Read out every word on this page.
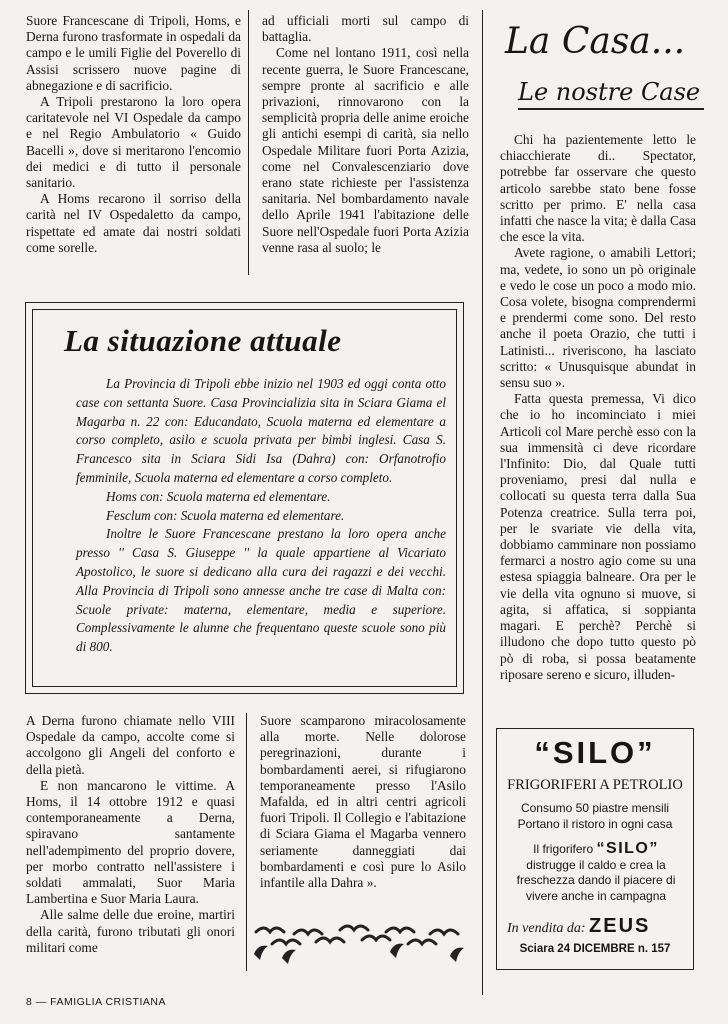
Suore Francescane di Tripoli, Homs, e Derna furono trasformate in ospedali da campo e le umili Figlie del Poverello di Assisi scrissero nuove pagine di abnegazione e di sacrificio.

A Tripoli prestarono la loro opera caritatevole nel VI Ospedale da campo e nel Regio Ambulatorio « Guido Bacelli », dove si meritarono l'encomio dei medici e di tutto il personale sanitario.

A Homs recarono il sorriso della carità nel IV Ospedaletto da campo, rispettate ed amate dai nostri soldati come sorelle.

ad ufficiali morti sul campo di battaglia.

Come nel lontano 1911, così nella recente guerra, le Suore Francescane, sempre pronte al sacrificio e alle privazioni, rinnovarono con la semplicità propria delle anime eroiche gli antichi esempi di carità, sia nello Ospedale Militare fuori Porta Azizia, come nel Convalescenziario dove erano state richieste per l'assistenza sanitaria. Nel bombardamento navale dello Aprile 1941 l'abitazione delle Suore nell'Ospedale fuori Porta Azizia venne rasa al suolo; le

La situazione attuale

La Provincia di Tripoli ebbe inizio nel 1903 ed oggi conta otto case con settanta Suore. Casa Provincializia sita in Sciara Giama el Magarba n. 22 con: Educandato, Scuola materna ed elementare a corso completo, asilo e scuola privata per bimbi inglesi. Casa S. Francesco sita in Sciara Sidi Isa (Dahra) con: Orfanotrofio femminile, Scuola materna ed elementare a corso completo.

Homs con: Scuola materna ed elementare.

Fesclum con: Scuola materna ed elementare.

Inoltre le Suore Francescane prestano la loro opera anche presso '' Casa S. Giuseppe '' la quale appartiene al Vicariato Apostolico, le suore si dedicano alla cura dei ragazzi e dei vecchi. Alla Provincia di Tripoli sono annesse anche tre case di Malta con: Scuole private: materna, elementare, media e superiore. Complessivamente le alunne che frequentano queste scuole sono più di 800.

A Derna furono chiamate nello VIII Ospedale da campo, accolte come si accolgono gli Angeli del conforto e della pietà.

E non mancarono le vittime. A Homs, il 14 ottobre 1912 e quasi contemporaneamente a Derna, spiravano santamente nell'adempimento del proprio dovere, per morbo contratto nell'assistere i soldati ammalati, Suor Maria Lambertina e Suor Maria Laura.

Alle salme delle due eroine, martiri della carità, furono tributati gli onori militari come

Suore scamparono miracolosamente alla morte. Nelle dolorose peregrinazioni, durante i bombardamenti aerei, si rifugiarono temporaneamente presso l'Asilo Mafalda, ed in altri centri agricoli fuori Tripoli. Il Collegio e l'abitazione di Sciara Giama el Magarba vennero seriamente danneggiati dai bombardamenti e così pure lo Asilo infantile alla Dahra ».

La Casa...
Le nostre Case

Chi ha pazientemente letto le chiacchierate di.. Spectator, potrebbe far osservare che questo articolo sarebbe stato bene fosse scritto per primo. E' nella casa infatti che nasce la vita; è dalla Casa che esce la vita.

Avete ragione, o amabili Lettori; ma, vedete, io sono un pò originale e vedo le cose un poco a modo mio. Cosa volete, bisogna comprendermi e prendermi come sono. Del resto anche il poeta Orazio, che tutti i Latinisti... riveriscono, ha lasciato scritto: « Unusquisque abundat in sensu suo ».

Fatta questa premessa, Vi dico che io ho incominciato i miei Articoli col Mare perchè esso con la sua immensità ci deve ricordare l'Infinito: Dio, dal Quale tutti proveniamo, presi dal nulla e collocati su questa terra dalla Sua Potenza creatrice. Sulla terra poi, per le svariate vie della vita, dobbiamo camminare non possiamo fermarci a nostro agio come su una estesa spiaggia balneare. Ora per le vie della vita ognuno si muove, si agita, si affatica, si soppianta magari. E perchè? Perchè si illudono che dopo tutto questo pò pò di roba, si possa beatamente riposare sereno e sicuro, illuden-

“SILO”
FRIGORIFERI A PETROLIO
Consumo 50 piastre mensili
Portano il ristoro in ogni casa
Il frigorifero “SILO”
distrugge il caldo e crea la freschezza dando il piacere di vivere anche in campagna
In vendita da: ZEUS
Sciara 24 DICEMBRE n. 157
8 — FAMIGLIA CRISTIANA
